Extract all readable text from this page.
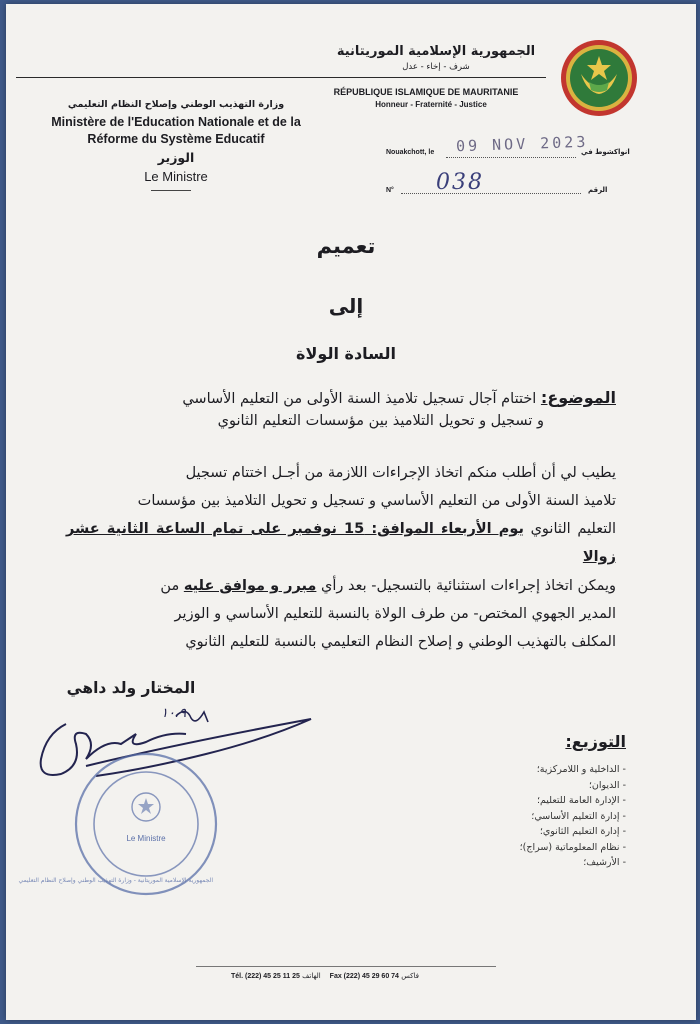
الجمهورية الإسلامية الموريتانية
شرف - إخاء - عدل
RÉPUBLIQUE ISLAMIQUE DE MAURITANIE
Honneur - Fraternité - Justice
وزارة التهذيب الوطني وإصلاح النظام التعليمي
Ministère de l'Education Nationale et de la
Réforme du Système Educatif
الوزير
Le Ministre
Nouakchott, le 09 NOV 2023
انواكشوط في
N° 038	الرقم
تعميم
إلى
السادة الولاة
الموضوع: اختتام آجال تسجيل تلاميذ السنة الأولى من التعليم الأساسي
و تسجيل و تحويل التلاميذ بين مؤسسات التعليم الثانوي
يطيب لي أن أطلب منكم اتخاذ الإجراءات اللازمة من أجـل اختتام تسجيل
تلاميذ السنة الأولى من التعليم الأساسي و تسجيل و تحويل التلاميذ بين مؤسسات
التعليم الثانوي يوم الأربعاء الموافق: 15 نوفمبر على تمام الساعة الثانية عشر زوالا
ويمكن اتخاذ إجراءات استثنائية بالتسجيل- بعد رأي مبرر و موافق عليه من
المدير الجهوي المختص- من طرف الولاة بالنسبة للتعليم الأساسي و الوزير
المكلف بالتهذيب الوطني و إصلاح النظام التعليمي بالنسبة للتعليم الثانوي
المختار ولد داهي
١٠.٩
Le Ministre
الجمهورية الإسلامية الموريتانية - وزارة التهذيب الوطني وإصلاح النظام التعليمي
التوزيع:
- الداخلية و اللامركزية؛
- الديوان؛
- الإدارة العامة للتعليم؛
- إدارة التعليم الأساسي؛
- إدارة التعليم الثانوي؛
- نظام المعلوماتية (سراج)؛
- الأرشيف؛
Tél. (222) 45 25 11 25 الهاتف Fax (222) 45 29 60 74 فاكس
